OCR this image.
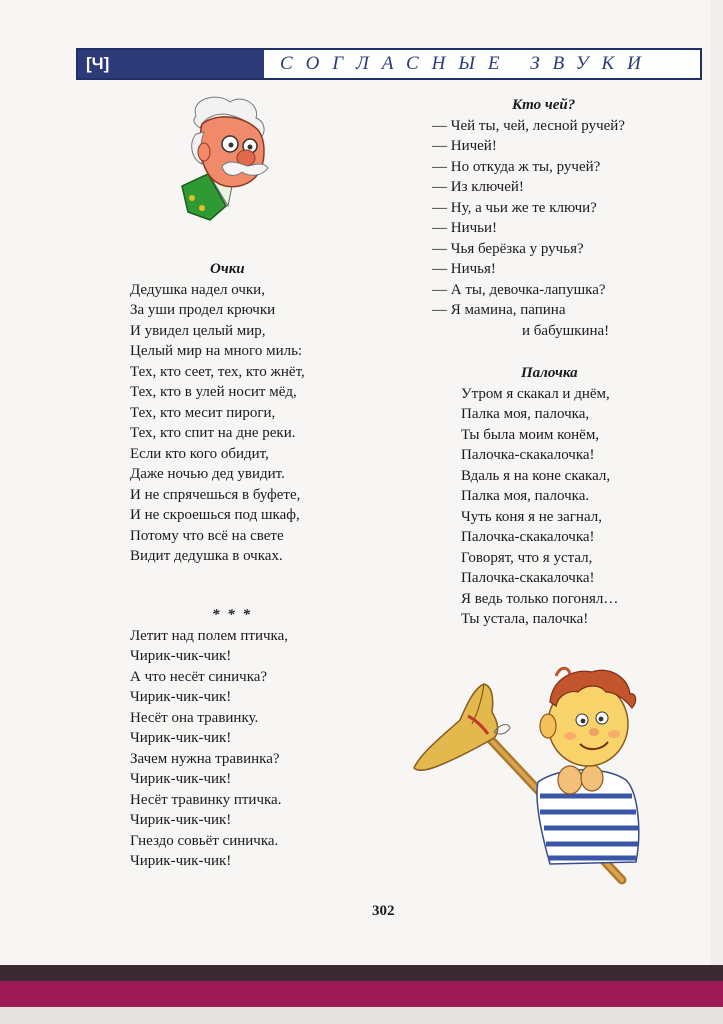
[Ч]	СОГЛАСНЫЕ ЗВУКИ
Очки
Дедушка надел очки,
За уши продел крючки
И увидел целый мир,
Целый мир на много миль:
Тех, кто сеет, тех, кто жнёт,
Тех, кто в улей носит мёд,
Тех, кто месит пироги,
Тех, кто спит на дне реки.
Если кто кого обидит,
Даже ночью дед увидит.
И не спрячешься в буфете,
И не скроешься под шкаф,
Потому что всё на свете
Видит дедушка в очках.
* * *
Летит над полем птичка,
Чирик-чик-чик!
А что несёт синичка?
Чирик-чик-чик!
Несёт она травинку.
Чирик-чик-чик!
Зачем нужна травинка?
Чирик-чик-чик!
Несёт травинку птичка.
Чирик-чик-чик!
Гнездо совьёт синичка.
Чирик-чик-чик!
Кто чей?
— Чей ты, чей, лесной ручей?
— Ничей!
— Но откуда ж ты, ручей?
— Из ключей!
— Ну, а чьи же те ключи?
— Ничьи!
— Чья берёзка у ручья?
— Ничья!
— А ты, девочка-лапушка?
— Я мамина, папина
и бабушкина!
Палочка
Утром я скакал и днём,
Палка моя, палочка,
Ты была моим конём,
Палочка-скакалочка!
Вдаль я на коне скакал,
Палка моя, палочка.
Чуть коня я не загнал,
Палочка-скакалочка!
Говорят, что я устал,
Палочка-скакалочка!
Я ведь только погонял…
Ты устала, палочка!
302
